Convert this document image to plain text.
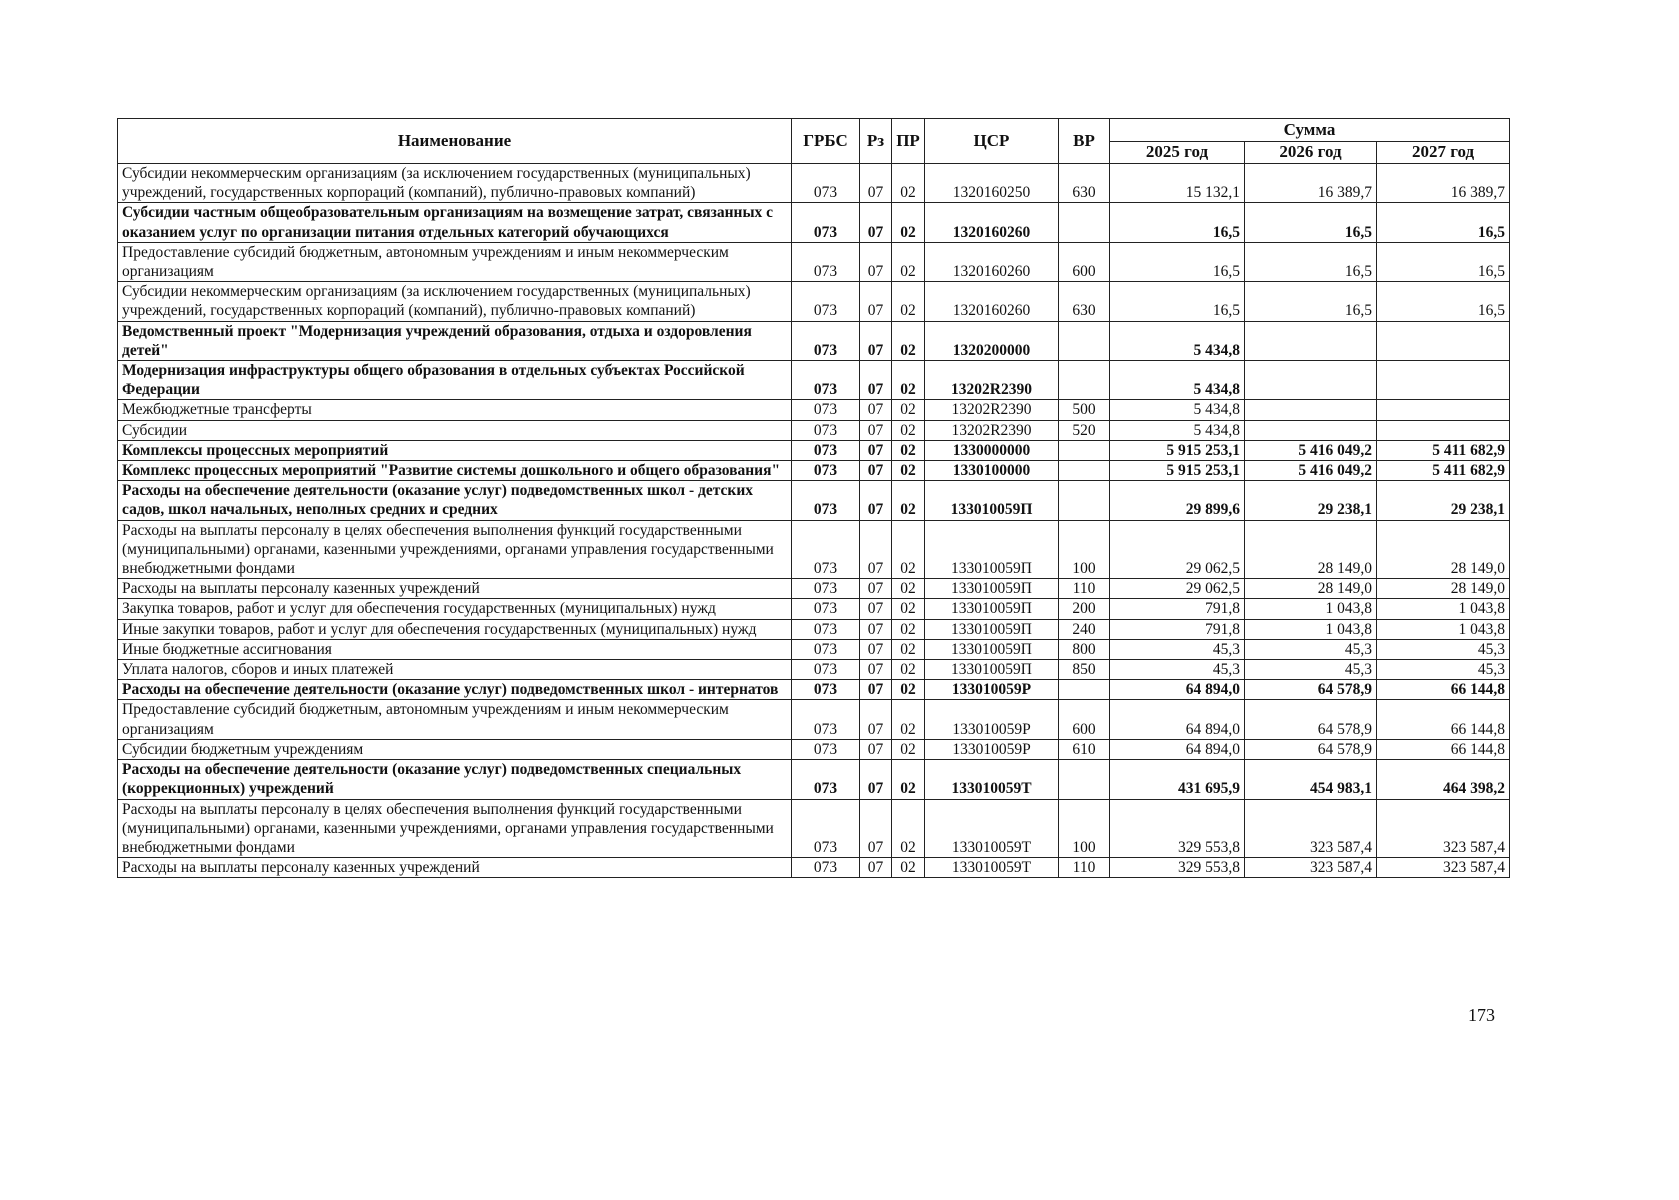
Наименование	ГРБС	Рз	ПР	ЦСР	ВР	Сумма		
						2025 год	2026 год	2027 год
Субсидии некоммерческим организациям (за исключением государственных (муниципальных) учреждений, государственных корпораций (компаний), публично-правовых компаний)	073	07	02	1320160250	630	15 132,1	16 389,7	16 389,7
Субсидии частным общеобразовательным организациям на возмещение затрат, связанных с оказанием услуг по организации питания отдельных категорий обучающихся	073	07	02	1320160260		16,5	16,5	16,5
Предоставление субсидий бюджетным, автономным учреждениям и иным некоммерческим организациям	073	07	02	1320160260	600	16,5	16,5	16,5
Субсидии некоммерческим организациям (за исключением государственных (муниципальных) учреждений, государственных корпораций (компаний), публично-правовых компаний)	073	07	02	1320160260	630	16,5	16,5	16,5
Ведомственный проект "Модернизация учреждений образования, отдыха и оздоровления детей"	073	07	02	1320200000		5 434,8		
Модернизация инфраструктуры общего образования в отдельных субъектах Российской Федерации	073	07	02	13202R2390		5 434,8		
Межбюджетные трансферты	073	07	02	13202R2390	500	5 434,8		
Субсидии	073	07	02	13202R2390	520	5 434,8		
Комплексы процессных мероприятий	073	07	02	1330000000		5 915 253,1	5 416 049,2	5 411 682,9
Комплекс процессных мероприятий "Развитие системы дошкольного и общего образования"	073	07	02	1330100000		5 915 253,1	5 416 049,2	5 411 682,9
Расходы на обеспечение деятельности (оказание услуг) подведомственных школ - детских садов, школ начальных, неполных средних и средних	073	07	02	133010059П		29 899,6	29 238,1	29 238,1
Расходы на выплаты персоналу в целях обеспечения выполнения функций государственными (муниципальными) органами, казенными учреждениями, органами управления государственными внебюджетными фондами	073	07	02	133010059П	100	29 062,5	28 149,0	28 149,0
Расходы на выплаты персоналу казенных учреждений	073	07	02	133010059П	110	29 062,5	28 149,0	28 149,0
Закупка товаров, работ и услуг для обеспечения государственных (муниципальных) нужд	073	07	02	133010059П	200	791,8	1 043,8	1 043,8
Иные закупки товаров, работ и услуг для обеспечения государственных (муниципальных) нужд	073	07	02	133010059П	240	791,8	1 043,8	1 043,8
Иные бюджетные ассигнования	073	07	02	133010059П	800	45,3	45,3	45,3
Уплата налогов, сборов и иных платежей	073	07	02	133010059П	850	45,3	45,3	45,3
Расходы на обеспечение деятельности (оказание услуг) подведомственных школ - интернатов	073	07	02	133010059Р		64 894,0	64 578,9	66 144,8
Предоставление субсидий бюджетным, автономным учреждениям и иным некоммерческим организациям	073	07	02	133010059Р	600	64 894,0	64 578,9	66 144,8
Субсидии бюджетным учреждениям	073	07	02	133010059Р	610	64 894,0	64 578,9	66 144,8
Расходы на обеспечение деятельности (оказание услуг) подведомственных специальных (коррекционных) учреждений	073	07	02	133010059Т		431 695,9	454 983,1	464 398,2
Расходы на выплаты персоналу в целях обеспечения выполнения функций государственными (муниципальными) органами, казенными учреждениями, органами управления государственными внебюджетными фондами	073	07	02	133010059Т	100	329 553,8	323 587,4	323 587,4
Расходы на выплаты персоналу казенных учреждений	073	07	02	133010059Т	110	329 553,8	323 587,4	323 587,4
173
